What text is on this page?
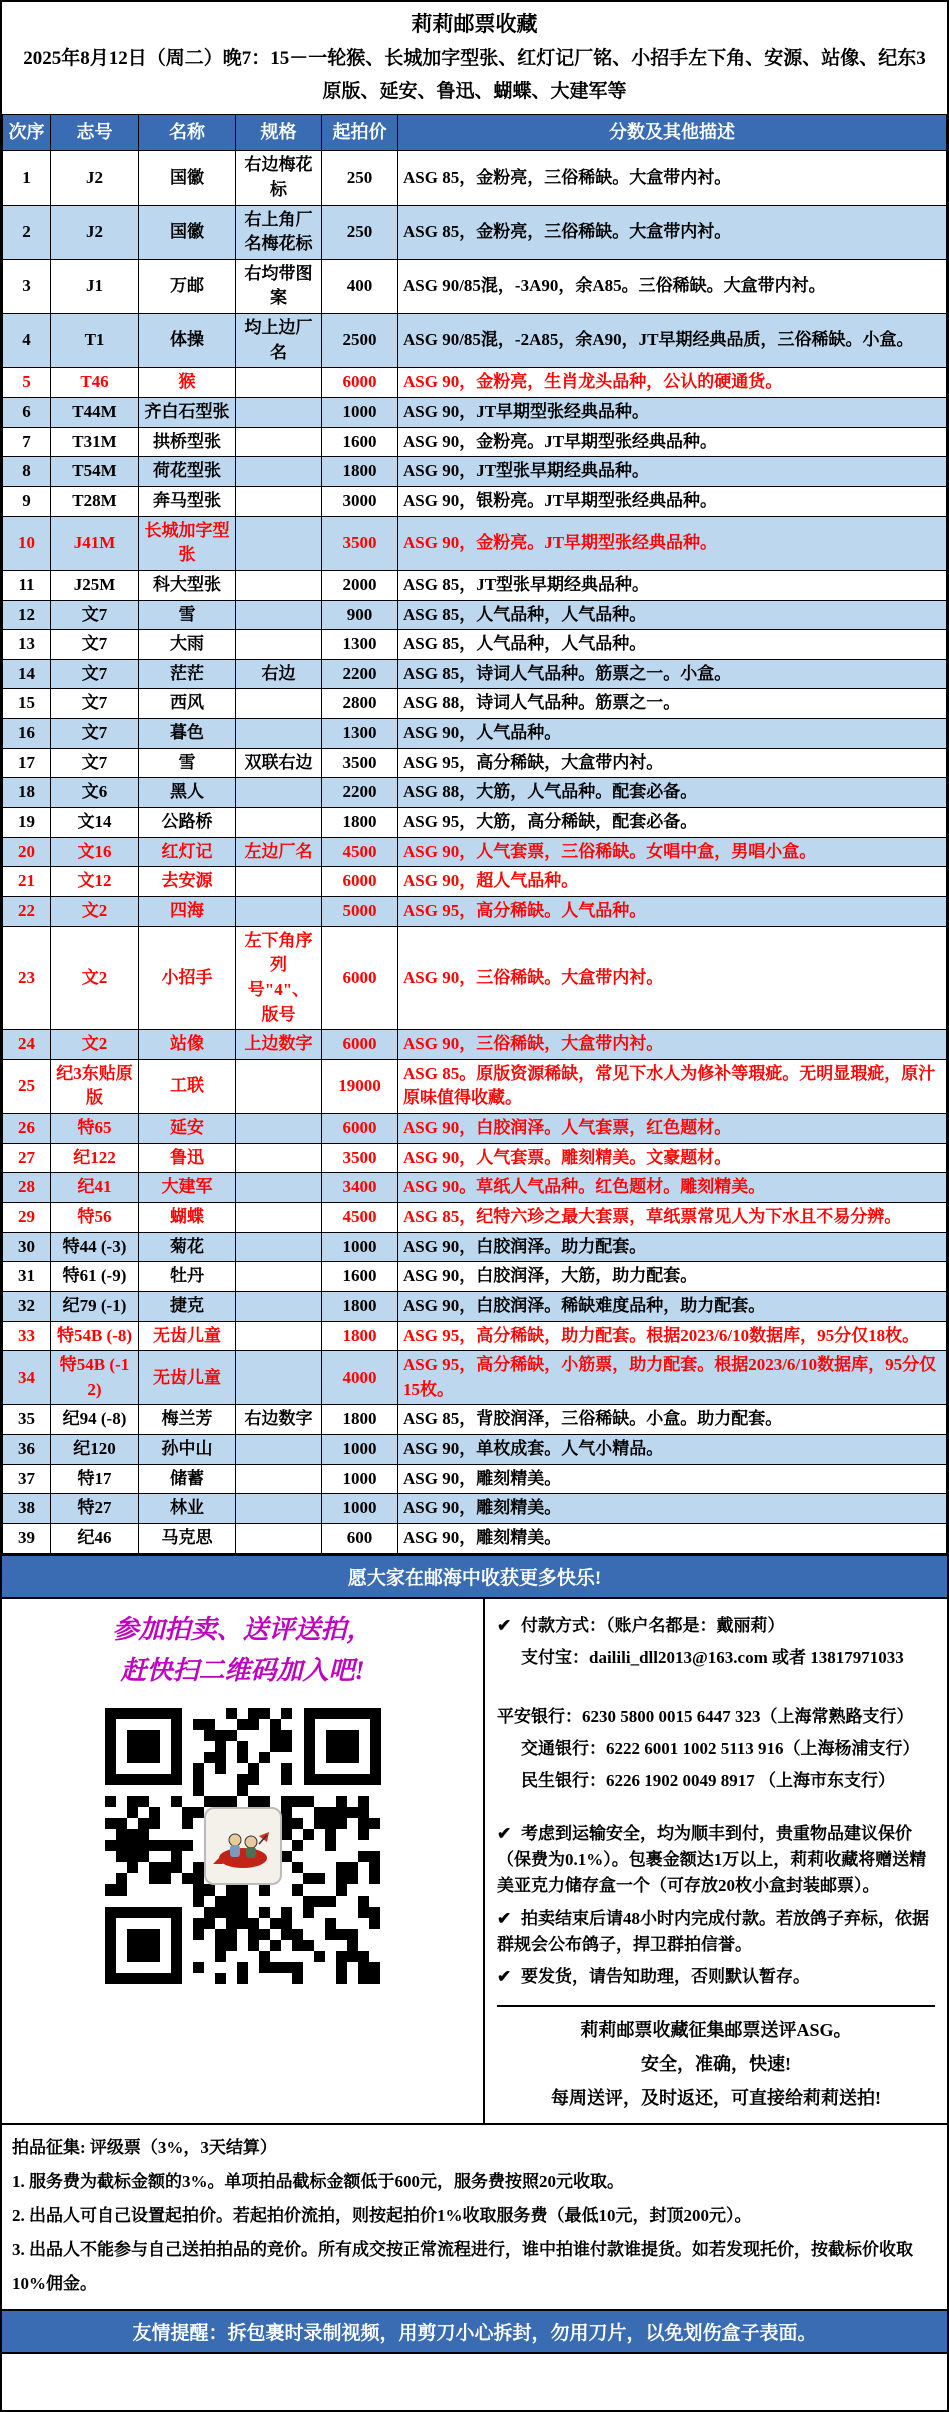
莉莉邮票收藏
2025年8月12日（周二）晚7：15－一轮猴、长城加字型张、红灯记厂铭、小招手左下角、安源、站像、纪东3原版、延安、鲁迅、蝴蝶、大建军等
次序	志号	名称	规格	起拍价	分数及其他描述
1	J2	国徽	右边梅花标	250	ASG 85，金粉亮，三俗稀缺。大盒带内衬。
2	J2	国徽	右上角厂名梅花标	250	ASG 85，金粉亮，三俗稀缺。大盒带内衬。
3	J1	万邮	右均带图案	400	ASG 90/85混，-3A90，余A85。三俗稀缺。大盒带内衬。
4	T1	体操	均上边厂名	2500	ASG 90/85混，-2A85，余A90，JT早期经典品质，三俗稀缺。小盒。
5	T46	猴		6000	ASG 90，金粉亮，生肖龙头品种，公认的硬通货。
6	T44M	齐白石型张		1000	ASG 90，JT早期型张经典品种。
7	T31M	拱桥型张		1600	ASG 90，金粉亮。JT早期型张经典品种。
8	T54M	荷花型张		1800	ASG 90，JT型张早期经典品种。
9	T28M	奔马型张		3000	ASG 90，银粉亮。JT早期型张经典品种。
10	J41M	长城加字型张		3500	ASG 90，金粉亮。JT早期型张经典品种。
11	J25M	科大型张		2000	ASG 85，JT型张早期经典品种。
12	文7	雪		900	ASG 85，人气品种，人气品种。
13	文7	大雨		1300	ASG 85，人气品种，人气品种。
14	文7	茫茫	右边	2200	ASG 85，诗词人气品种。筋票之一。小盒。
15	文7	西风		2800	ASG 88，诗词人气品种。筋票之一。
16	文7	暮色		1300	ASG 90，人气品种。
17	文7	雪	双联右边	3500	ASG 95，高分稀缺，大盒带内衬。
18	文6	黑人		2200	ASG 88，大筋，人气品种。配套必备。
19	文14	公路桥		1800	ASG 95，大筋，高分稀缺，配套必备。
20	文16	红灯记	左边厂名	4500	ASG 90，人气套票，三俗稀缺。女唱中盒，男唱小盒。
21	文12	去安源		6000	ASG 90，超人气品种。
22	文2	四海		5000	ASG 95，高分稀缺。人气品种。
23	文2	小招手	左下角序列号"4"、版号	6000	ASG 90，三俗稀缺。大盒带内衬。
24	文2	站像	上边数字	6000	ASG 90，三俗稀缺，大盒带内衬。
25	纪3东贴原版	工联		19000	ASG 85。原版资源稀缺，常见下水人为修补等瑕疵。无明显瑕疵，原汁原味值得收藏。
26	特65	延安		6000	ASG 90，白胶润泽。人气套票，红色题材。
27	纪122	鲁迅		3500	ASG 90，人气套票。雕刻精美。文豪题材。
28	纪41	大建军		3400	ASG 90。草纸人气品种。红色题材。雕刻精美。
29	特56	蝴蝶		4500	ASG 85，纪特六珍之最大套票，草纸票常见人为下水且不易分辨。
30	特44 (-3)	菊花		1000	ASG 90，白胶润泽。助力配套。
31	特61 (-9)	牡丹		1600	ASG 90，白胶润泽，大筋，助力配套。
32	纪79 (-1)	捷克		1800	ASG 90，白胶润泽。稀缺难度品种，助力配套。
33	特54B (-8)	无齿儿童		1800	ASG 95，高分稀缺，助力配套。根据2023/6/10数据库，95分仅18枚。
34	特54B (-12)	无齿儿童		4000	ASG 95，高分稀缺，小筋票，助力配套。根据2023/6/10数据库，95分仅15枚。
35	纪94 (-8)	梅兰芳	右边数字	1800	ASG 85，背胶润泽，三俗稀缺。小盒。助力配套。
36	纪120	孙中山		1000	ASG 90，单枚成套。人气小精品。
37	特17	储蓄		1000	ASG 90，雕刻精美。
38	特27	林业		1000	ASG 90，雕刻精美。
39	纪46	马克思		600	ASG 90，雕刻精美。
愿大家在邮海中收获更多快乐!
参加拍卖、送评送拍，
赶快扫二维码加入吧!
✔ 付款方式：（账户名都是：戴丽莉）
支付宝：dailili_dll2013@163.com 或者 13817971033
平安银行：6230 5800 0015 6447 323（上海常熟路支行）
交通银行：6222 6001 1002 5113 916（上海杨浦支行）
民生银行：6226 1902 0049 8917 （上海市东支行）
✔ 考虑到运输安全，均为顺丰到付，贵重物品建议保价（保费为0.1%）。包裹金额达1万以上，莉莉收藏将赠送精美亚克力储存盒一个（可存放20枚小盒封装邮票）。
✔ 拍卖结束后请48小时内完成付款。若放鸽子弃标，依据群规会公布鸽子，捍卫群拍信誉。
✔ 要发货，请告知助理，否则默认暂存。
莉莉邮票收藏征集邮票送评ASG。
安全，准确，快速!
每周送评，及时返还，可直接给莉莉送拍!
拍品征集: 评级票（3%，3天结算）
1. 服务费为截标金额的3%。单项拍品截标金额低于600元，服务费按照20元收取。
2. 出品人可自己设置起拍价。若起拍价流拍，则按起拍价1%收取服务费（最低10元，封顶200元）。
3. 出品人不能参与自己送拍拍品的竞价。所有成交按正常流程进行，谁中拍谁付款谁提货。如若发现托价，按截标价收取10%佣金。
友情提醒：拆包裹时录制视频，用剪刀小心拆封，勿用刀片，以免划伤盒子表面。
